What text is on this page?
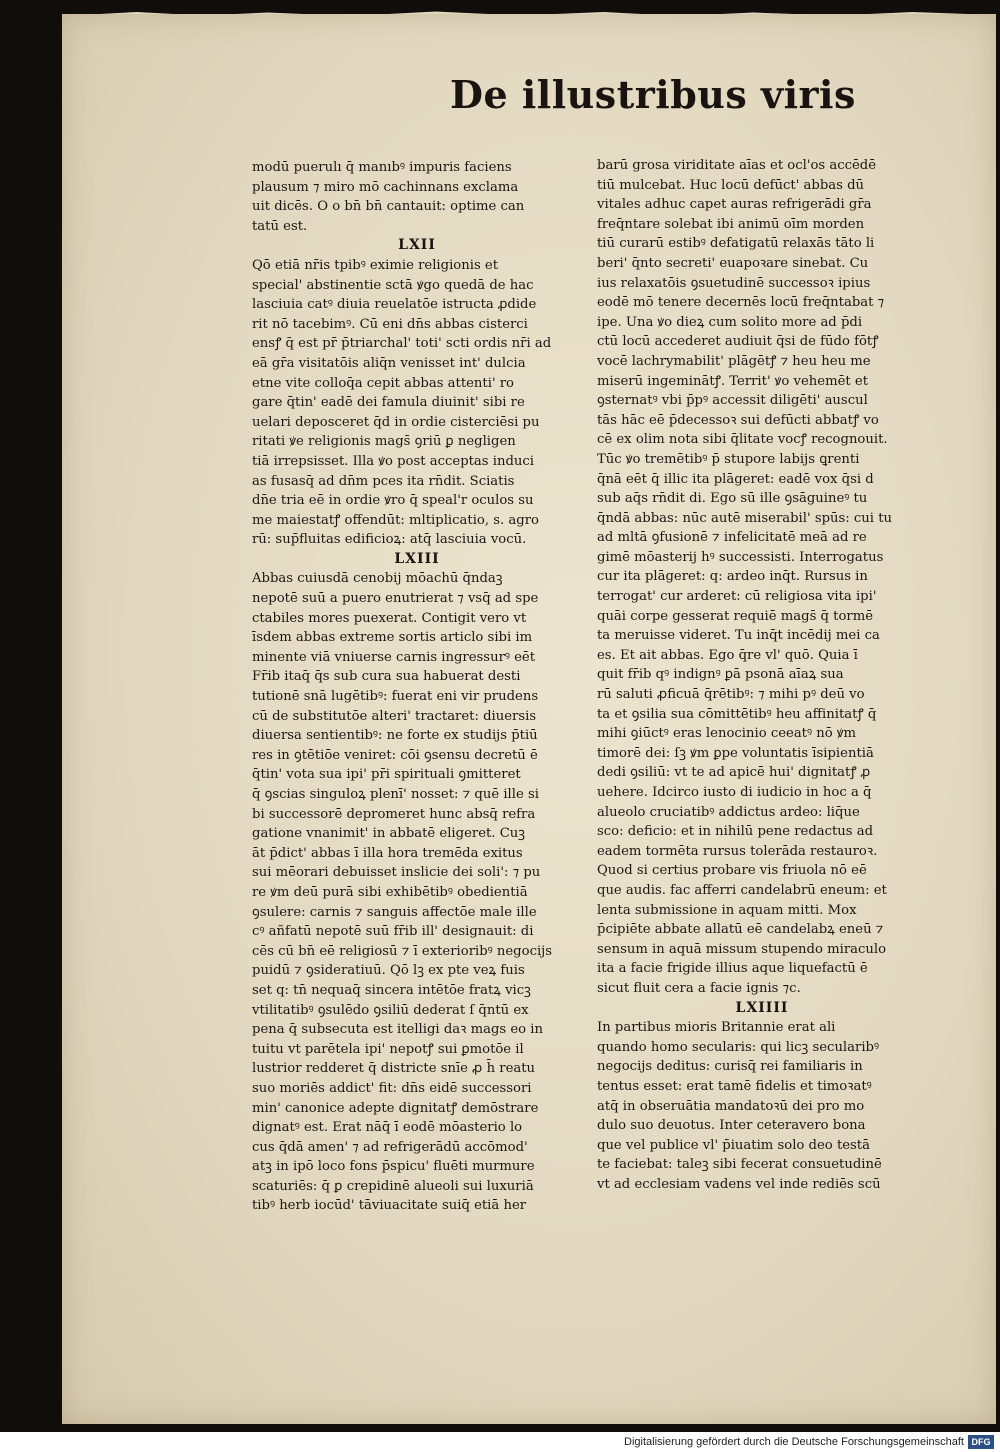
De illustribus viris
modū puerulı q̄ manıbꝰ impuris faciens
plausum ⁊ miro mō cachinnans exclama
uit dicēs. O o bn̄ bn̄ cantauit: optime can
tatū est.
LXII
Qō etiā nr̄is tpibꝰ eximie religionis et
special' abstinentie sctā ꝟgo quedā de hac
lasciuia catꝰ diuia reuelatōe istructa ꝓdide
rit nō tacebimꝰ. Cū eni dn̄s abbas cisterci
ensꝭ q̄ est pr̄ p̄triarchal' toti' scti ordis nr̄i ad
eā gr̄a visitatōis aliq̄n venisset int' dulcia
etne vite colloq̄a cepit abbas attenti' ro
gare q̄tin' eadē dei famula diuinit' sibi re
uelari deposceret q̄d in ordie cisterciēsi pu
ritati ꝟe religionis mags̄ ꝯriū ꝑ negligen
tiā irrepsisset. Illa ꝟo post acceptas induci
as fusasq̄ ad dn̄m pces ita rn̄dit. Sciatis
dn̄e tria eē in ordie ꝟro q̄ speal'r oculos su
me maiestatꝭ offendūt: mltiplicatio, s. agro
rū: sup̄fluitas edificioꝝ: atq̄ lasciuia vocū.
LXIII
Abbas cuiusdā cenobij mōachū q̄ndaꝫ
nepotē suū a puero enutrierat ⁊ vsq̄ ad spe
ctabiles mores puexerat. Contigit vero vt
īsdem abbas extreme sortis articlo sibi im
minente viā vniuerse carnis ingressurꝰ eēt
Fr̄ib itaq̄ q̄s sub cura sua habuerat desti
tutionē snā lugētibꝰ: fuerat eni vir prudens
cū de substitutōe alteri' tractaret: diuersis
diuersa sentientibꝰ: ne forte ex studijs p̄tiū
res in ꝯtētiōe veniret: cōi ꝯsensu decretū ē
q̄tin' vota sua ipi' pr̄i spirituali ꝯmitteret
q̄ ꝯscias singuloꝝ plenī' nosset: ⁊ quē ille si
bi successorē depromeret hunc absq̄ refra
gatione vnanimit' in abbatē eligeret. Cuꝫ
āt p̄dict' abbas ī illa hora tremēda exitus
sui mēorari debuisset inslicie dei soli': ⁊ pu
re ꝟm deū purā sibi exhibētibꝰ obedientiā
ꝯsulere: carnis ⁊ sanguis affectōe male ille
cꝰ añfatū nepotē suū fr̄ib ill' designauit: di
cēs cū bn̄ eē religiosū ⁊ ī exterioribꝰ negocijs
puidū ⁊ ꝯsideratiuū. Qō lꝫ ex pte veꝝ fuis
set q: tn̄ nequaq̄ sincera intētōe fratꝝ vicꝫ
vtilitatibꝰ ꝯsulēdo ꝯsiliū dederat ſ q̄ntū ex
pena q̄ subsecuta est itelligi daꝛ mags eo in
tuitu vt parētela ipi' nepotꝭ sui ꝑmotōe il
lustrior redderet q̄ districte snīe ꝓ h̄ reatu
suo moriēs addict' fit: dn̄s eidē successori
min' canonice adepte dignitatꝭ demōstrare
dignatꝰ est. Erat nāq̄ ī eodē mōasterio lo
cus q̄dā amen' ⁊ ad refrigerādū accōmod'
atꝫ in ipō loco fons p̄spicu' fluēti murmure
scaturiēs: q̄ ꝑ crepidinē alueoli sui luxuriā
tibꝰ herb iocūd' tāviuacitate suiq̄ etiā her
barū grosa viriditate aīas et ocl'os accēdē
tiū mulcebat. Huc locū defūct' abbas dū
vitales adhuc capet auras refrigerādi gr̄a
freq̄ntare solebat ibi animū oīm morden
tiū curarū estibꝰ defatigatū relaxās tāto li
beri' q̄nto secreti' euapoꝛare sinebat. Cu
ius relaxatōis ꝯsuetudinē successoꝛ ipius
eodē mō tenere decernēs locū freq̄ntabat ⁊
ipe. Una ꝟo dieꝝ cum solito more ad p̄di
ctū locū accederet audiuit q̄si de fūdo fōtꝭ
vocē lachrymabilit' plāgētꝭ ⁊ heu heu me
miserū ingeminātꝭ. Territ' ꝟo vehemēt et
ꝯsternatꝰ vbi p̄pꝰ accessit diligēti' auscul
tās hāc eē p̄decessoꝛ sui defūcti abbatꝭ vo
cē ex olim nota sibi q̄litate vocꝭ recognouit.
Tūc ꝟo tremētibꝰ p̄ stupore labijs ꝗrenti
q̄nā eēt q̄ illic ita plāgeret: eadē vox q̄si d
sub aq̄s rn̄dit di. Ego sū ille ꝯsāguineꝰ tu
q̄ndā abbas: nūc autē miserabil' spūs: cui tu
ad mltā ꝯfusionē ⁊ infelicitatē meā ad re
gimē mōasterij hꝰ successisti. Interrogatus
cur ita plāgeret: q: ardeo inq̄t. Rursus in
terrogat' cur arderet: cū religiosa vita ipi'
quāi corpe gesserat requiē mags̄ q̄ tormē
ta meruisse videret. Tu inq̄t incēdij mei ca
es. Et ait abbas. Ego q̄re vl' quō. Quia ī
quit fr̄ib qꝰ indignꝰ ꝑā psonā aīaꝝ sua
rū saluti ꝓficuā q̄rētibꝰ: ⁊ mihi pꝰ deū vo
ta et ꝯsilia sua cōmittētibꝰ heu affinitatꝭ q̄
mihi ꝯiūctꝰ eras lenocinio ceeatꝰ nō ꝟm
timorē dei: ſꝫ ꝟm ꝑpe voluntatis īsipientiā
dedi ꝯsiliū: vt te ad apicē hui' dignitatꝭ ꝓ
uehere. Idcirco iusto di iudicio in hoc a q̄
alueolo cruciatibꝰ addictus ardeo: liq̄ue
sco: deficio: et in nihilū pene redactus ad
eadem tormēta rursus tolerāda restauroꝛ.
Quod si certius probare vis friuola nō eē
que audis. fac afferri candelabrū eneum: et
lenta submissione in aquam mitti. Mox
p̄cipiēte abbate allatū eē candelabꝝ eneū ⁊
sensum in aquā missum stupendo miraculo
ita a facie frigide illius aque liquefactū ē
sicut fluit cera a facie ignis ⁊c.
LXIIII
In partibus mioris Britannie erat ali
quando homo secularis: qui licꝫ secularibꝰ
negocijs deditus: curisq̄ rei familiaris in
tentus esset: erat tamē fidelis et timoꝛatꝰ
atq̄ in obseruātia mandatoꝛū dei pro mo
dulo suo deuotus. Inter ceteravero bona
que vel publice vl' p̄iuatim solo deo testā
te faciebat: taleꝫ sibi fecerat consuetudinē
vt ad ecclesiam vadens vel inde rediēs scū
Digitalisierung gefördert durch die Deutsche Forschungsgemeinschaft DFG
